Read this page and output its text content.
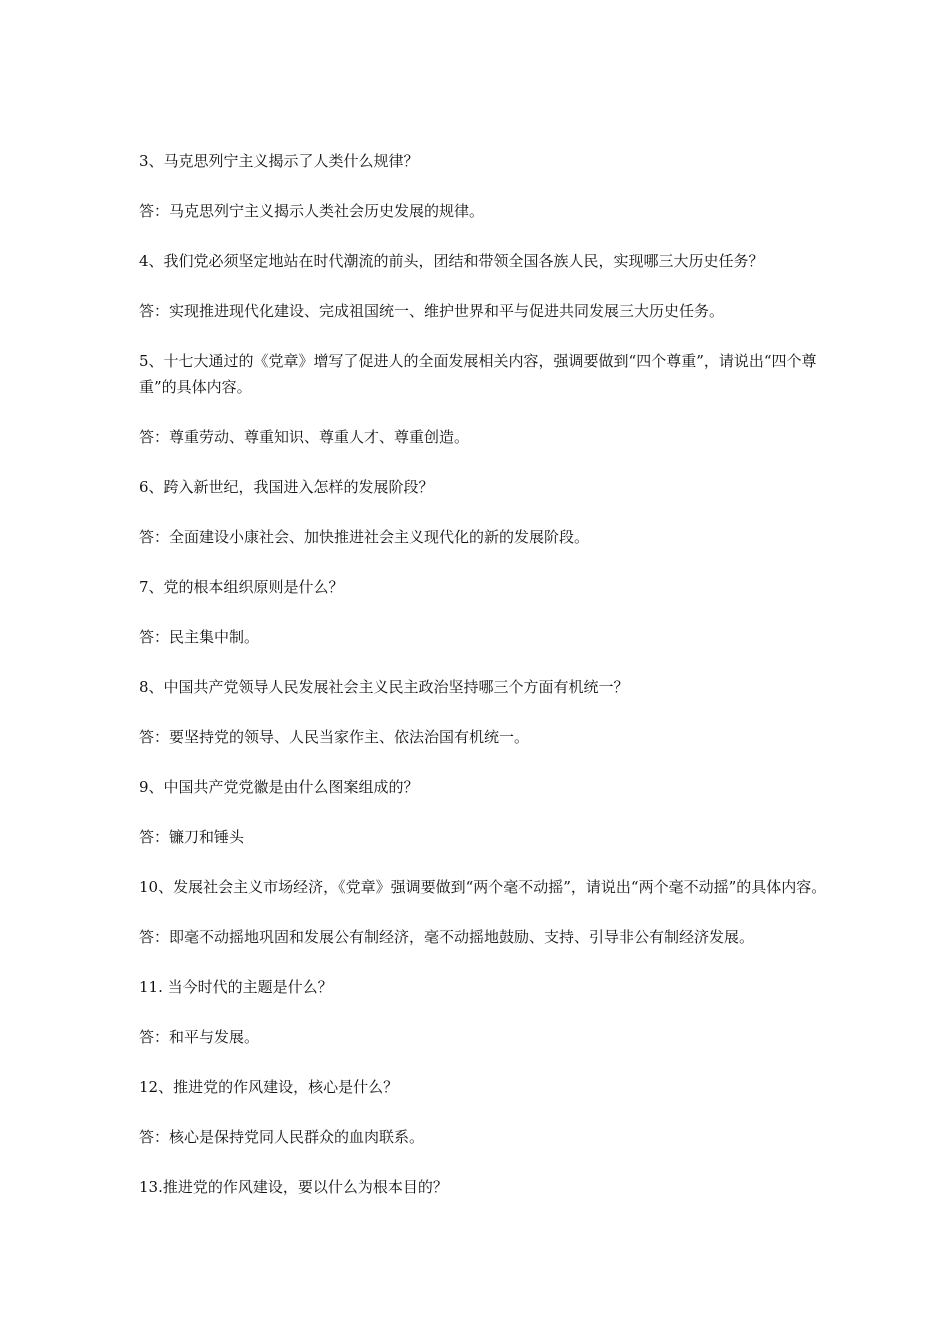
3、马克思列宁主义揭示了人类什么规律？

答：马克思列宁主义揭示人类社会历史发展的规律。

4、我们党必须坚定地站在时代潮流的前头，团结和带领全国各族人民，实现哪三大历史任务？

答：实现推进现代化建设、完成祖国统一、维护世界和平与促进共同发展三大历史任务。

5、十七大通过的《党章》增写了促进人的全面发展相关内容，强调要做到“四个尊重”，请说出“四个尊重”的具体内容。

答：尊重劳动、尊重知识、尊重人才、尊重创造。

6、跨入新世纪，我国进入怎样的发展阶段？

答：全面建设小康社会、加快推进社会主义现代化的新的发展阶段。

7、党的根本组织原则是什么？

答：民主集中制。

8、中国共产党领导人民发展社会主义民主政治坚持哪三个方面有机统一？

答：要坚持党的领导、人民当家作主、依法治国有机统一。

9、中国共产党党徽是由什么图案组成的？

答：镰刀和锤头

10、发展社会主义市场经济，《党章》强调要做到“两个毫不动摇”，请说出“两个毫不动摇”的具体内容。

答：即毫不动摇地巩固和发展公有制经济，毫不动摇地鼓励、支持、引导非公有制经济发展。

11. 当今时代的主题是什么？

答：和平与发展。

12、推进党的作风建设，核心是什么？

答：核心是保持党同人民群众的血肉联系。

13.推进党的作风建设，要以什么为根本目的？
